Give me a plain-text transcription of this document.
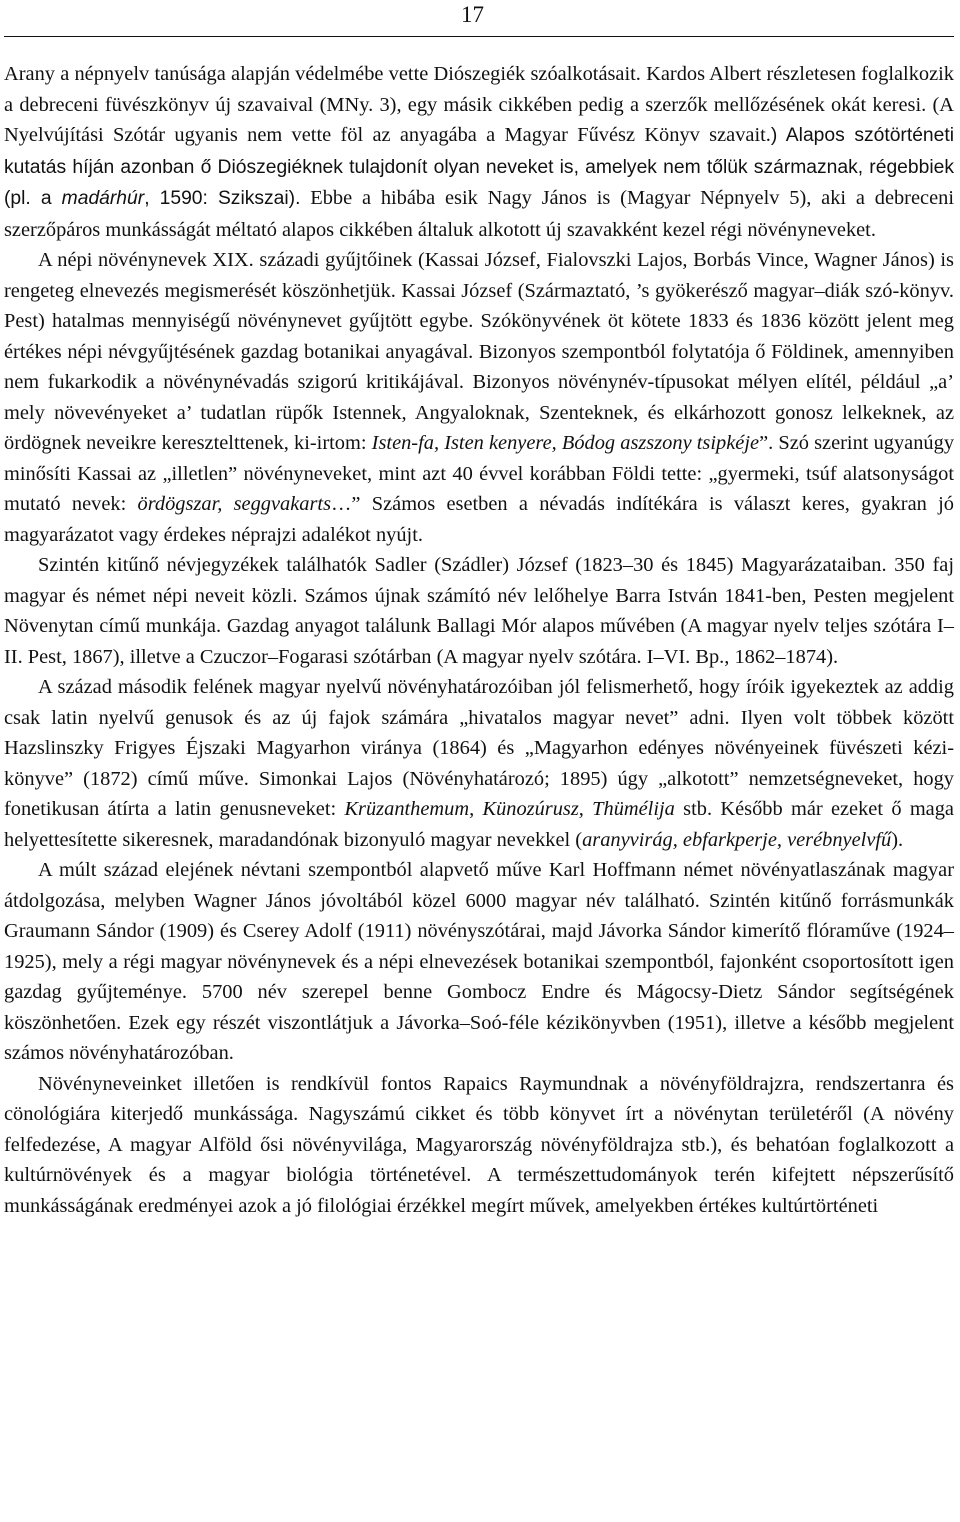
17

Arany a népnyelv tanúsága alapján védelmébe vette Diószegiék szóalkotásait. Kardos Albert részletesen foglalkozik a debreceni füvészkönyv új szavaival (MNy. 3), egy másik cikkében pedig a szerzők mellőzésének okát keresi. (A Nyelvújítási Szótár ugyanis nem vette föl az anyagába a Magyar Fűvész Könyv szavait.) Alapos szótörténeti kutatás híján azonban ő Diószegiéknek tulajdonít olyan neveket is, amelyek nem tőlük származnak, régebbiek (pl. a madárhúr, 1590: Szikszai). Ebbe a hibába esik Nagy János is (Magyar Népnyelv 5), aki a debreceni szerzőpáros munkásságát méltató alapos cikkében általuk alkotott új szavakként kezel régi növényneveket.

A népi növénynevek XIX. századi gyűjtőinek (Kassai József, Fialovszki Lajos, Borbás Vince, Wagner János) is rengeteg elnevezés megismerését köszönhetjük. Kassai József (Származtató, ’s gyökerésző magyar–diák szó-könyv. Pest) hatalmas mennyiségű növénynevet gyűjtött egybe. Szókönyvének öt kötete 1833 és 1836 között jelent meg értékes népi névgyűjtésének gazdag botanikai anyagával. Bizonyos szempontból folytatója ő Földinek, amennyiben nem fukarkodik a növénynévadás szigorú kritikájával. Bizonyos növénynév-típusokat mélyen elítél, például „a’ mely növevényeket a’ tudatlan rüpők Istennek, Angyaloknak, Szenteknek, és elkárhozott gonosz lelkeknek, az ördögnek neveikre keresztelttenek, ki-irtom: Isten-fa, Isten kenyere, Bódog aszszony tsipkéje”. Szó szerint ugyanúgy minősíti Kassai az „illetlen” növényneveket, mint azt 40 évvel korábban Földi tette: „gyermeki, tsúf alatsonyságot mutató nevek: ördögszar, seggvakarts…” Számos esetben a névadás indítékára is választ keres, gyakran jó magyarázatot vagy érdekes néprajzi adalékot nyújt.

Szintén kitűnő névjegyzékek találhatók Sadler (Szádler) József (1823–30 és 1845) Magyarázataiban. 350 faj magyar és német népi neveit közli. Számos újnak számító név lelőhelye Barra István 1841-ben, Pesten megjelent Növenytan című munkája. Gazdag anyagot találunk Ballagi Mór alapos művében (A magyar nyelv teljes szótára I–II. Pest, 1867), illetve a Czuczor–Fogarasi szótárban (A magyar nyelv szótára. I–VI. Bp., 1862–1874).

A század második felének magyar nyelvű növényhatározóiban jól felismerhető, hogy íróik igyekeztek az addig csak latin nyelvű genusok és az új fajok számára „hivatalos magyar nevet” adni. Ilyen volt többek között Hazslinszky Frigyes Éjszaki Magyarhon viránya (1864) és „Magyarhon edényes növényeinek füvészeti kézi-könyve” (1872) című műve. Simonkai Lajos (Növényhatározó; 1895) úgy „alkotott” nemzetségneveket, hogy fonetikusan átírta a latin genusneveket: Krüzanthemum, Künozúrusz, Thümélija stb. Később már ezeket ő maga helyettesítette sikeresnek, maradandónak bizonyuló magyar nevekkel (aranyvirág, ebfarkperje, verébnyelvfű).

A múlt század elejének névtani szempontból alapvető műve Karl Hoffmann német növényatlaszának magyar átdolgozása, melyben Wagner János jóvoltából közel 6000 magyar név található. Szintén kitűnő forrásmunkák Graumann Sándor (1909) és Cserey Adolf (1911) növényszótárai, majd Jávorka Sándor kimerítő flóraműve (1924–1925), mely a régi magyar növénynevek és a népi elnevezések botanikai szempontból, fajonként csoportosított igen gazdag gyűjteménye. 5700 név szerepel benne Gombocz Endre és Mágocsy-Dietz Sándor segítségének köszönhetően. Ezek egy részét viszontlátjuk a Jávorka–Soó-féle kézikönyvben (1951), illetve a később megjelent számos növényhatározóban.

Növényneveinket illetően is rendkívül fontos Rapaics Raymundnak a növényföldrajzra, rendszertanra és cönológiára kiterjedő munkássága. Nagyszámú cikket és több könyvet írt a növénytan területéről (A növény felfedezése, A magyar Alföld ősi növényvilága, Magyarország növényföldrajza stb.), és behatóan foglalkozott a kultúrnövények és a magyar biológia történetével. A természettudományok terén kifejtett népszerűsítő munkásságának eredményei azok a jó filológiai érzékkel megírt művek, amelyekben értékes kultúrtörténeti
